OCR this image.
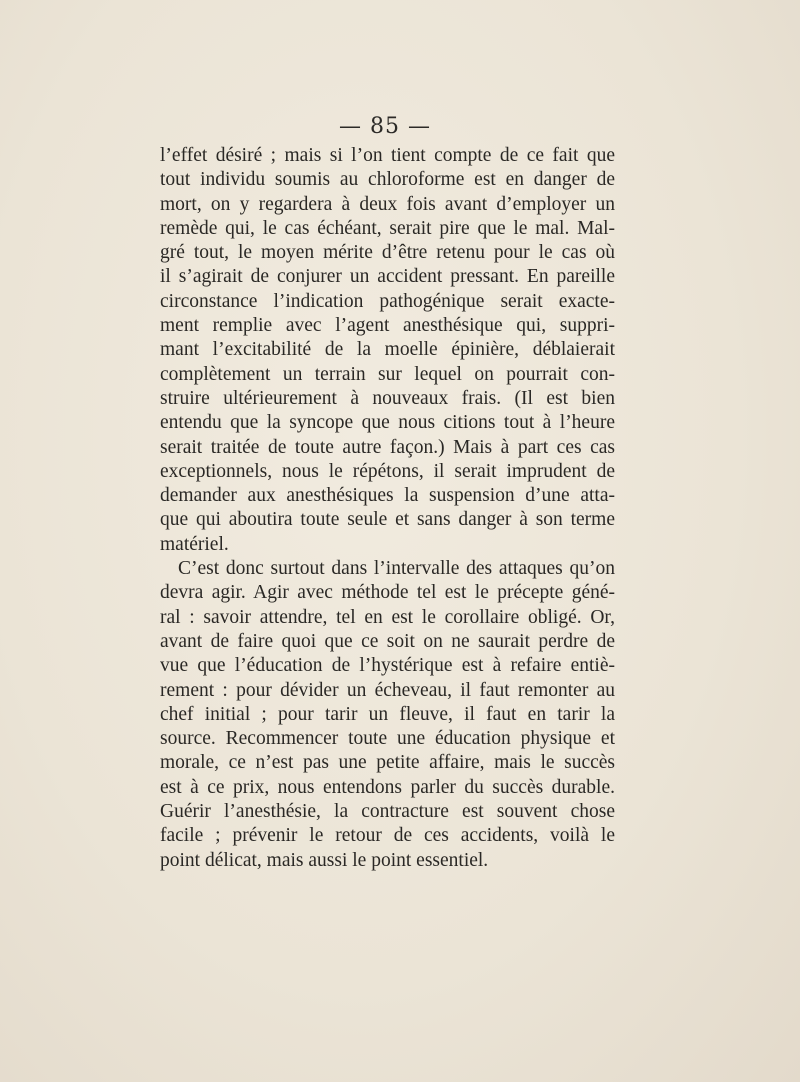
— 85 —
l’effet désiré ; mais si l’on tient compte de ce fait que
tout individu soumis au chloroforme est en danger de
mort, on y regardera à deux fois avant d’employer un
remède qui, le cas échéant, serait pire que le mal. Mal-
gré tout, le moyen mérite d’être retenu pour le cas où
il s’agirait de conjurer un accident pressant. En pareille
circonstance l’indication pathogénique serait exacte-
ment remplie avec l’agent anesthésique qui, suppri-
mant l’excitabilité de la moelle épinière, déblaierait
complètement un terrain sur lequel on pourrait con-
struire ultérieurement à nouveaux frais. (Il est bien
entendu que la syncope que nous citions tout à l’heure
serait traitée de toute autre façon.) Mais à part ces cas
exceptionnels, nous le répétons, il serait imprudent de
demander aux anesthésiques la suspension d’une atta-
que qui aboutira toute seule et sans danger à son terme
matériel.
C’est donc surtout dans l’intervalle des attaques qu’on
devra agir. Agir avec méthode tel est le précepte géné-
ral : savoir attendre, tel en est le corollaire obligé. Or,
avant de faire quoi que ce soit on ne saurait perdre de
vue que l’éducation de l’hystérique est à refaire entiè-
rement : pour dévider un écheveau, il faut remonter au
chef initial ; pour tarir un fleuve, il faut en tarir la
source. Recommencer toute une éducation physique et
morale, ce n’est pas une petite affaire, mais le succès
est à ce prix, nous entendons parler du succès durable.
Guérir l’anesthésie, la contracture est souvent chose
facile ; prévenir le retour de ces accidents, voilà le
point délicat, mais aussi le point essentiel.
